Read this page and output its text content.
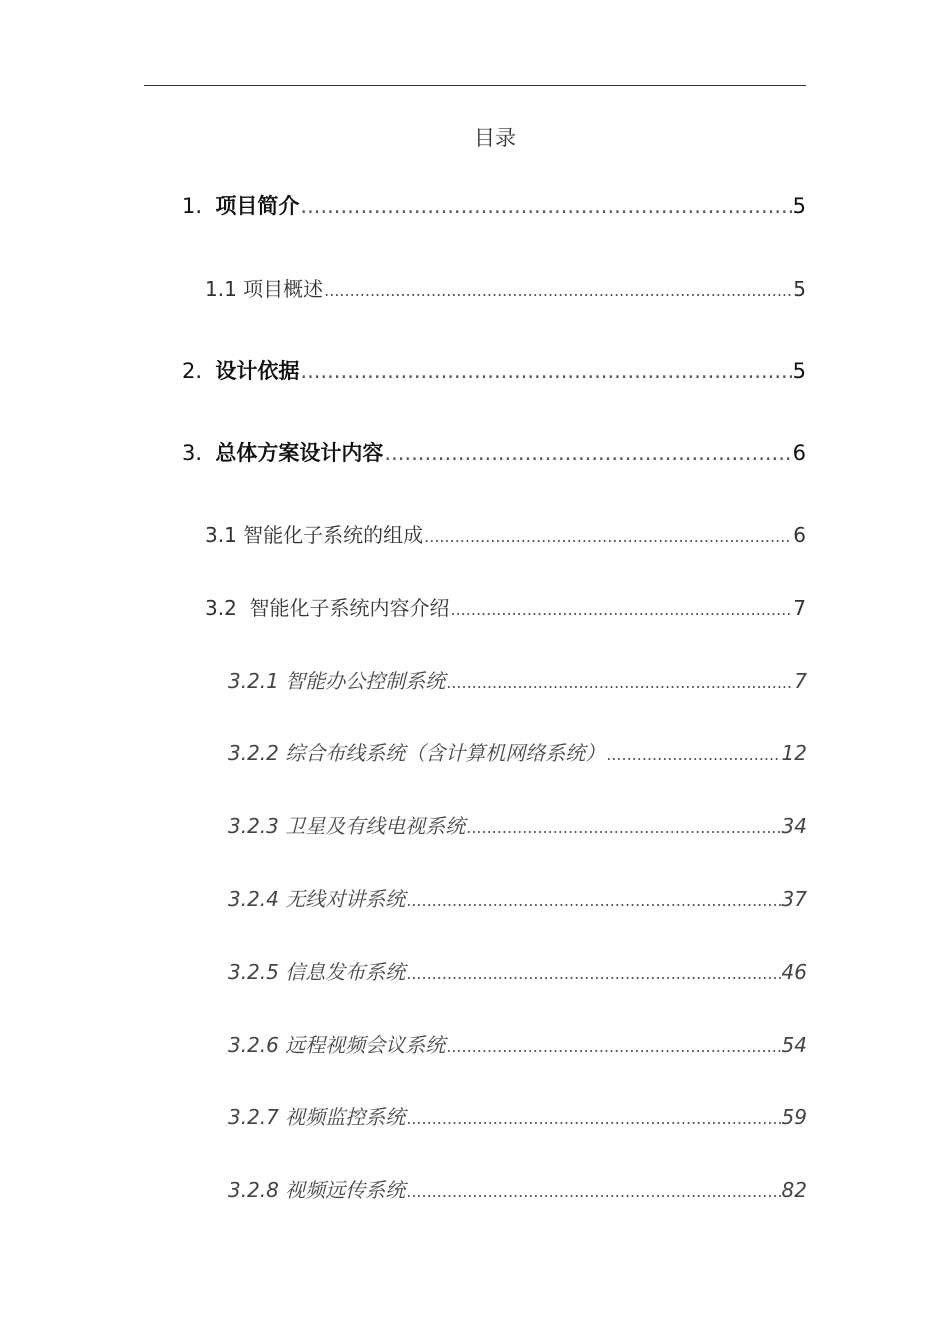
目录
1. 项目简介 .....	5
1.1 项目概述 .....	5
2. 设计依据 .....	5
3. 总体方案设计内容 .....	6
3.1 智能化子系统的组成 .....	6
3.2 智能化子系统内容介绍 .....	7
3.2.1 智能办公控制系统 .....	7
3.2.2 综合布线系统（含计算机网络系统） .....	12
3.2.3 卫星及有线电视系统 .....	34
3.2.4 无线对讲系统 .....	37
3.2.5 信息发布系统 .....	46
3.2.6 远程视频会议系统 .....	54
3.2.7 视频监控系统 .....	59
3.2.8 视频远传系统 .....	82
